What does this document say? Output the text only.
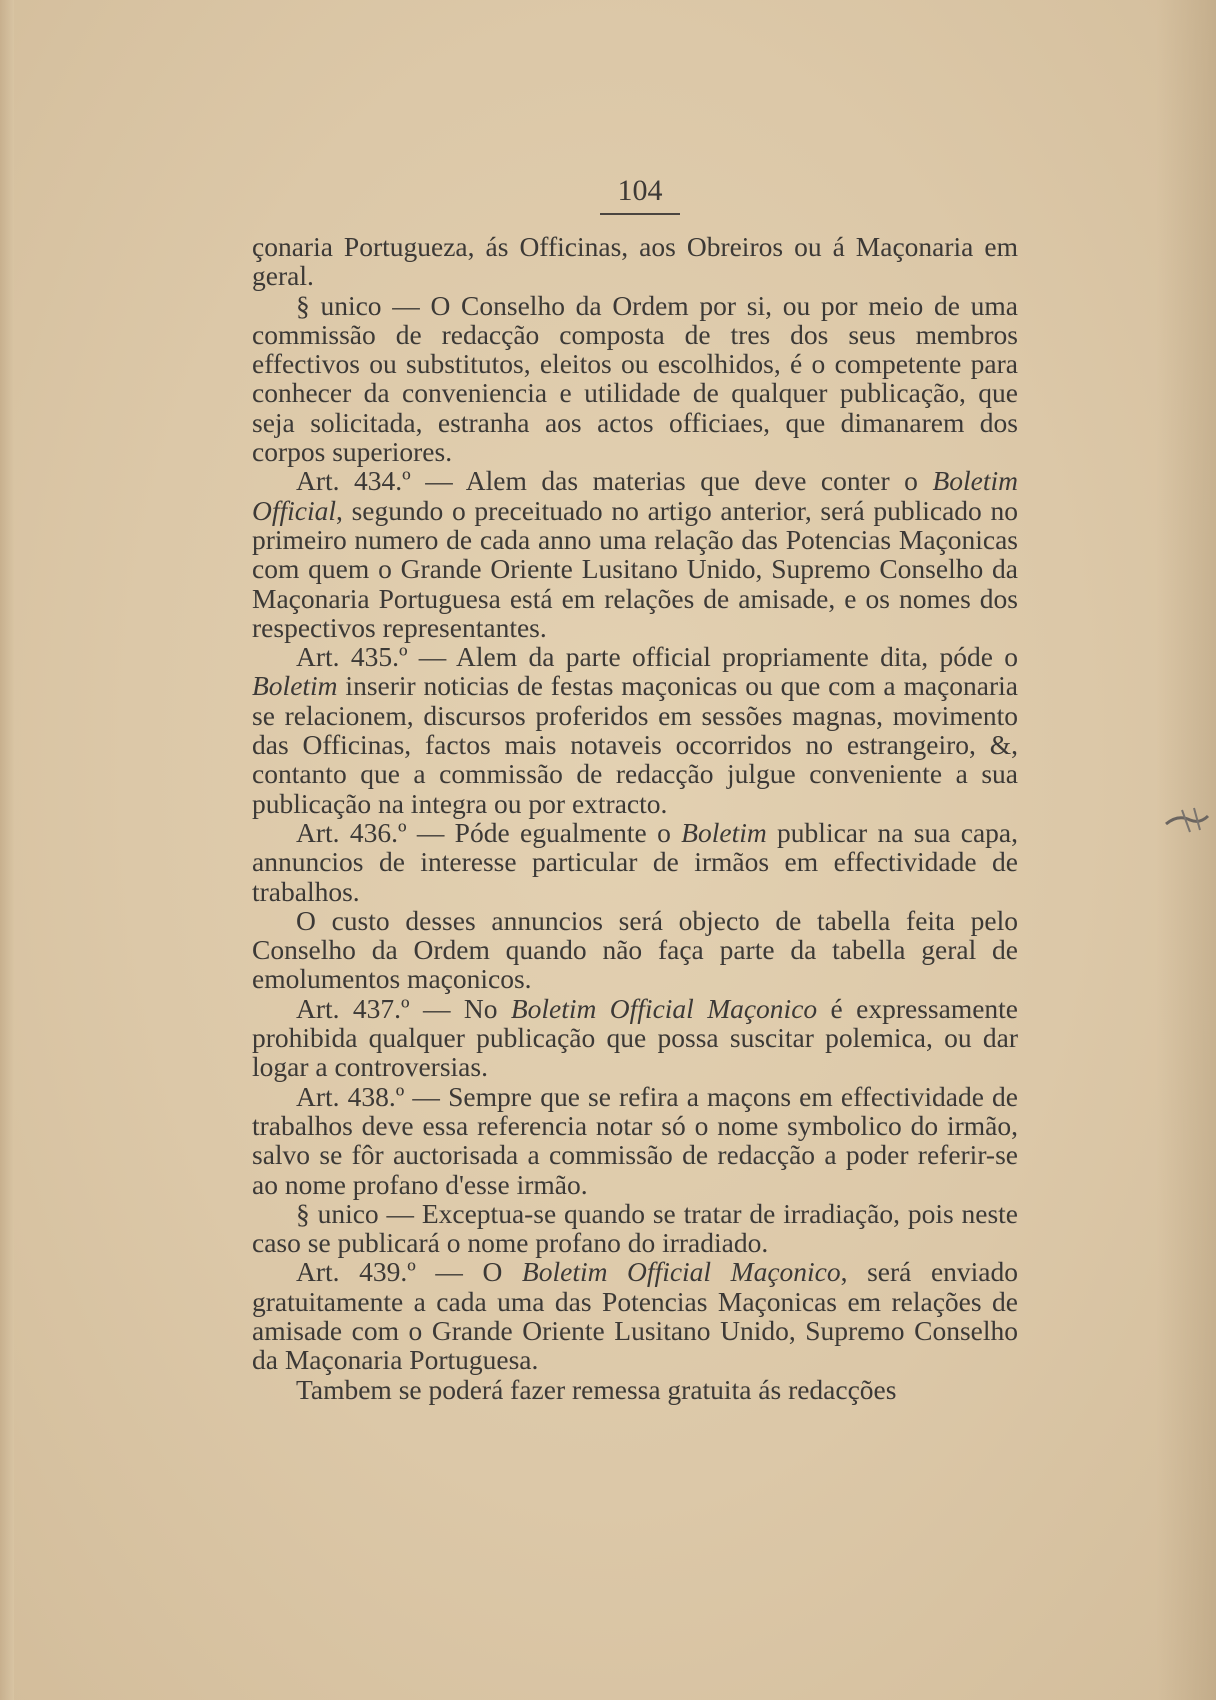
104

çonaria Portugueza, ás Officinas, aos Obreiros ou á Maçonaria em geral.

§ unico — O Conselho da Ordem por si, ou por meio de uma commissão de redacção composta de tres dos seus membros effectivos ou substitutos, eleitos ou escolhidos, é o competente para conhecer da conveniencia e utilidade de qualquer publicação, que seja solicitada, estranha aos actos officiaes, que dimanarem dos corpos superiores.

Art. 434.º — Alem das materias que deve conter o Boletim Official, segundo o preceituado no artigo anterior, será publicado no primeiro numero de cada anno uma relação das Potencias Maçonicas com quem o Grande Oriente Lusitano Unido, Supremo Conselho da Maçonaria Portuguesa está em relações de amisade, e os nomes dos respectivos representantes.

Art. 435.º — Alem da parte official propriamente dita, póde o Boletim inserir noticias de festas maçonicas ou que com a maçonaria se relacionem, discursos proferidos em sessões magnas, movimento das Officinas, factos mais notaveis occorridos no estrangeiro, &, contanto que a commissão de redacção julgue conveniente a sua publicação na integra ou por extracto.

Art. 436.º — Póde egualmente o Boletim publicar na sua capa, annuncios de interesse particular de irmãos em effectividade de trabalhos.

O custo desses annuncios será objecto de tabella feita pelo Conselho da Ordem quando não faça parte da tabella geral de emolumentos maçonicos.

Art. 437.º — No Boletim Official Maçonico é expressamente prohibida qualquer publicação que possa suscitar polemica, ou dar logar a controversias.

Art. 438.º — Sempre que se refira a maçons em effectividade de trabalhos deve essa referencia notar só o nome symbolico do irmão, salvo se fôr auctorisada a commissão de redacção a poder referir-se ao nome profano d'esse irmão.

§ unico — Exceptua-se quando se tratar de irradiação, pois neste caso se publicará o nome profano do irradiado.

Art. 439.º — O Boletim Official Maçonico, será enviado gratuitamente a cada uma das Potencias Maçonicas em relações de amisade com o Grande Oriente Lusitano Unido, Supremo Conselho da Maçonaria Portuguesa.

Tambem se poderá fazer remessa gratuita ás redacções
